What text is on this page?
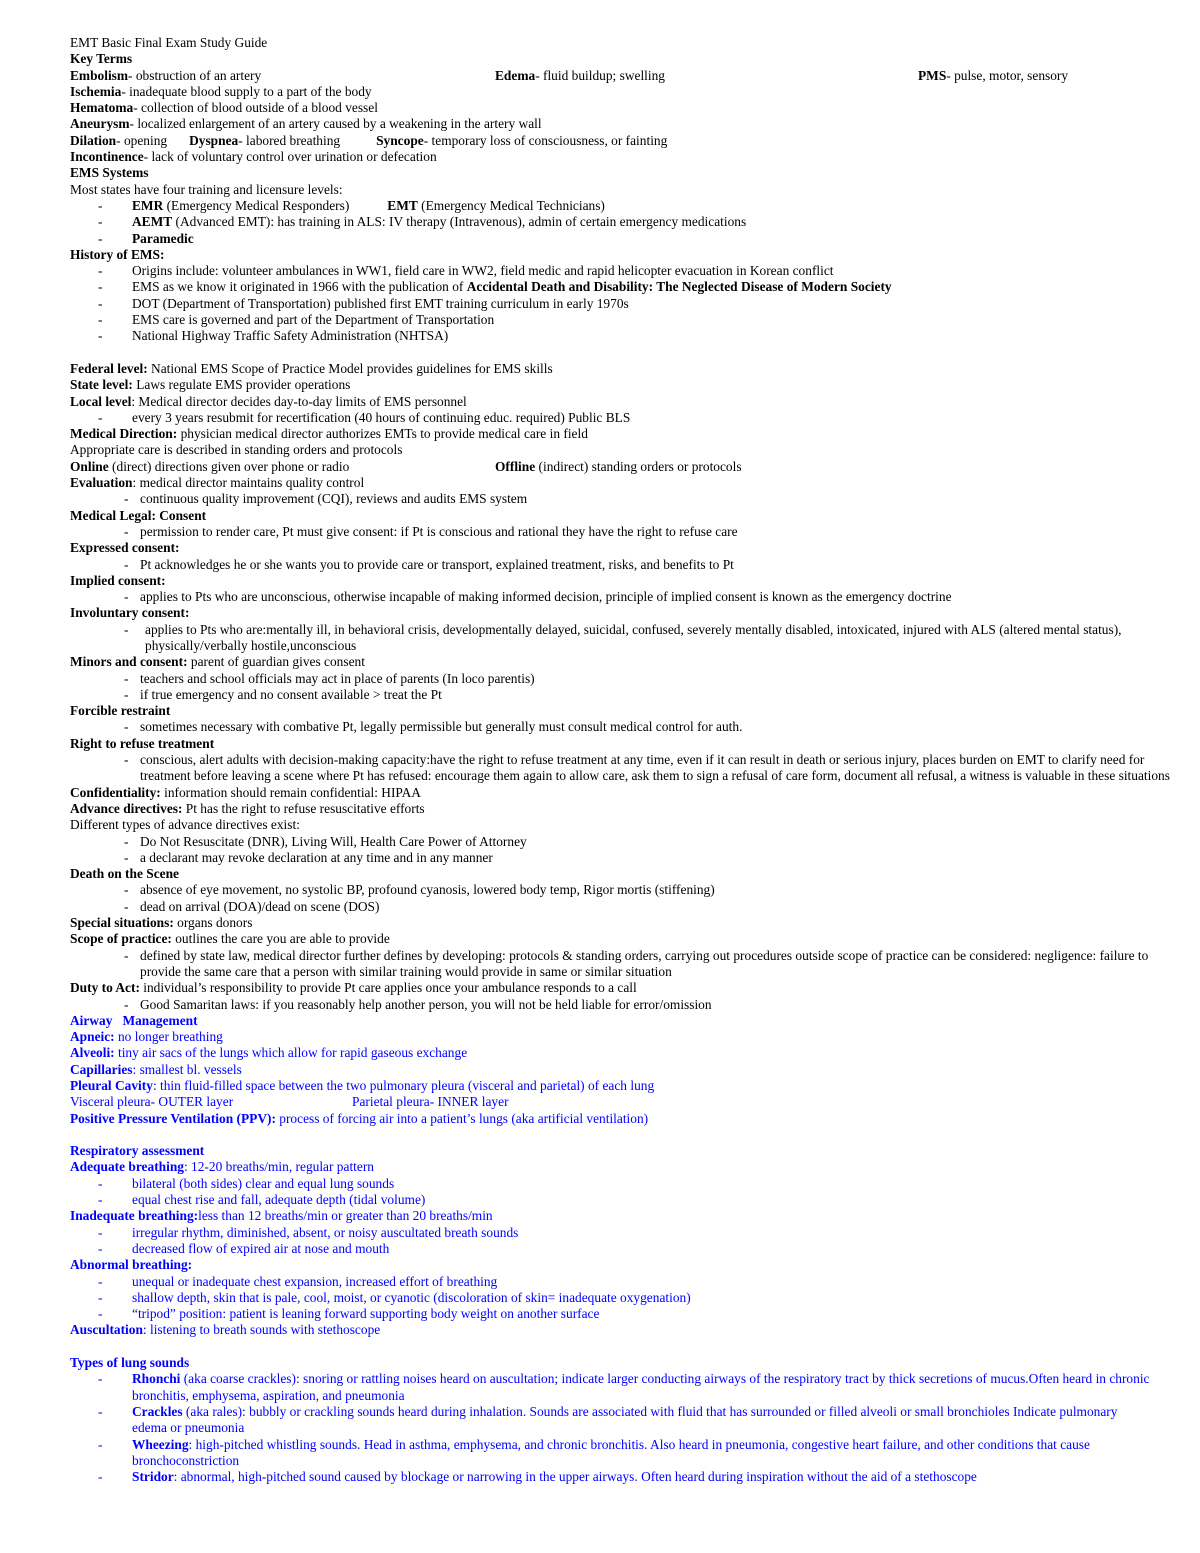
EMT Basic Final Exam Study Guide
Key Terms
Embolism- obstruction of an artery	Edema- fluid buildup; swelling	PMS- pulse, motor, sensory
Ischemia- inadequate blood supply to a part of the body
Hematoma- collection of blood outside of a blood vessel
Aneurysm- localized enlargement of an artery caused by a weakening in the artery wall
Dilation- opening Dyspnea- labored breathing	Syncope- temporary loss of consciousness, or fainting
Incontinence- lack of voluntary control over urination or defecation
EMS Systems
Most states have four training and licensure levels:
- EMR (Emergency Medical Responders)	EMT (Emergency Medical Technicians)
- AEMT (Advanced EMT): has training in ALS: IV therapy (Intravenous), admin of certain emergency medications
- Paramedic
History of EMS:
- Origins include: volunteer ambulances in WW1, field care in WW2, field medic and rapid helicopter evacuation in Korean conflict
- EMS as we know it originated in 1966 with the publication of Accidental Death and Disability: The Neglected Disease of Modern Society
- DOT (Department of Transportation) published first EMT training curriculum in early 1970s
- EMS care is governed and part of the Department of Transportation
- National Highway Traffic Safety Administration (NHTSA)
Federal level: National EMS Scope of Practice Model provides guidelines for EMS skills
State level: Laws regulate EMS provider operations
Local level: Medical director decides day-to-day limits of EMS personnel
- every 3 years resubmit for recertification (40 hours of continuing educ. required) Public BLS
Medical Direction: physician medical director authorizes EMTs to provide medical care in field
Appropriate care is described in standing orders and protocols
Online (direct) directions given over phone or radio	Offline (indirect) standing orders or protocols
Evaluation: medical director maintains quality control
- continuous quality improvement (CQI), reviews and audits EMS system
Medical Legal: Consent
- permission to render care, Pt must give consent: if Pt is conscious and rational they have the right to refuse care
Expressed consent:
- Pt acknowledges he or she wants you to provide care or transport, explained treatment, risks, and benefits to Pt
Implied consent:
- applies to Pts who are unconscious, otherwise incapable of making informed decision, principle of implied consent is known as the emergency doctrine
Involuntary consent:
- applies to Pts who are:mentally ill, in behavioral crisis, developmentally delayed, suicidal, confused, severely mentally disabled, intoxicated, injured with ALS (altered mental status), physically/verbally hostile,unconscious
Minors and consent: parent of guardian gives consent
- teachers and school officials may act in place of parents (In loco parentis)
- if true emergency and no consent available > treat the Pt
Forcible restraint
- sometimes necessary with combative Pt, legally permissible but generally must consult medical control for auth.
Right to refuse treatment
- conscious, alert adults with decision-making capacity:have the right to refuse treatment at any time, even if it can result in death or serious injury, places burden on EMT to clarify need for treatment before leaving a scene where Pt has refused: encourage them again to allow care, ask them to sign a refusal of care form, document all refusal, a witness is valuable in these situations
Confidentiality: information should remain confidential: HIPAA
Advance directives: Pt has the right to refuse resuscitative efforts
Different types of advance directives exist:
- Do Not Resuscitate (DNR), Living Will, Health Care Power of Attorney
- a declarant may revoke declaration at any time and in any manner
Death on the Scene
- absence of eye movement, no systolic BP, profound cyanosis, lowered body temp, Rigor mortis (stiffening)
- dead on arrival (DOA)/dead on scene (DOS)
Special situations: organs donors
Scope of practice: outlines the care you are able to provide
- defined by state law, medical director further defines by developing: protocols & standing orders, carrying out procedures outside scope of practice can be considered: negligence: failure to provide the same care that a person with similar training would provide in same or similar situation
Duty to Act: individual’s responsibility to provide Pt care applies once your ambulance responds to a call
- Good Samaritan laws: if you reasonably help another person, you will not be held liable for error/omission
Airway   Management
Apneic: no longer breathing
Alveoli: tiny air sacs of the lungs which allow for rapid gaseous exchange
Capillaries: smallest bl. vessels
Pleural Cavity: thin fluid-filled space between the two pulmonary pleura (visceral and parietal) of each lung
Visceral pleura- OUTER layer	Parietal pleura- INNER layer
Positive Pressure Ventilation (PPV): process of forcing air into a patient’s lungs (aka artificial ventilation)
Respiratory assessment
Adequate breathing: 12-20 breaths/min, regular pattern
- bilateral (both sides) clear and equal lung sounds
- equal chest rise and fall, adequate depth (tidal volume)
Inadequate breathing:less than 12 breaths/min or greater than 20 breaths/min
- irregular rhythm, diminished, absent, or noisy auscultated breath sounds
- decreased flow of expired air at nose and mouth
Abnormal breathing:
- unequal or inadequate chest expansion, increased effort of breathing
- shallow depth, skin that is pale, cool, moist, or cyanotic (discoloration of skin= inadequate oxygenation)
- “tripod” position: patient is leaning forward supporting body weight on another surface
Auscultation: listening to breath sounds with stethoscope
Types of lung sounds
- Rhonchi (aka coarse crackles): snoring or rattling noises heard on auscultation; indicate larger conducting airways of the respiratory tract by thick secretions of mucus.Often heard in chronic bronchitis, emphysema, aspiration, and pneumonia
- Crackles (aka rales): bubbly or crackling sounds heard during inhalation. Sounds are associated with fluid that has surrounded or filled alveoli or small bronchioles Indicate pulmonary edema or pneumonia
- Wheezing: high-pitched whistling sounds. Head in asthma, emphysema, and chronic bronchitis. Also heard in pneumonia, congestive heart failure, and other conditions that cause bronchoconstriction
- Stridor: abnormal, high-pitched sound caused by blockage or narrowing in the upper airways. Often heard during inspiration without the aid of a stethoscope
